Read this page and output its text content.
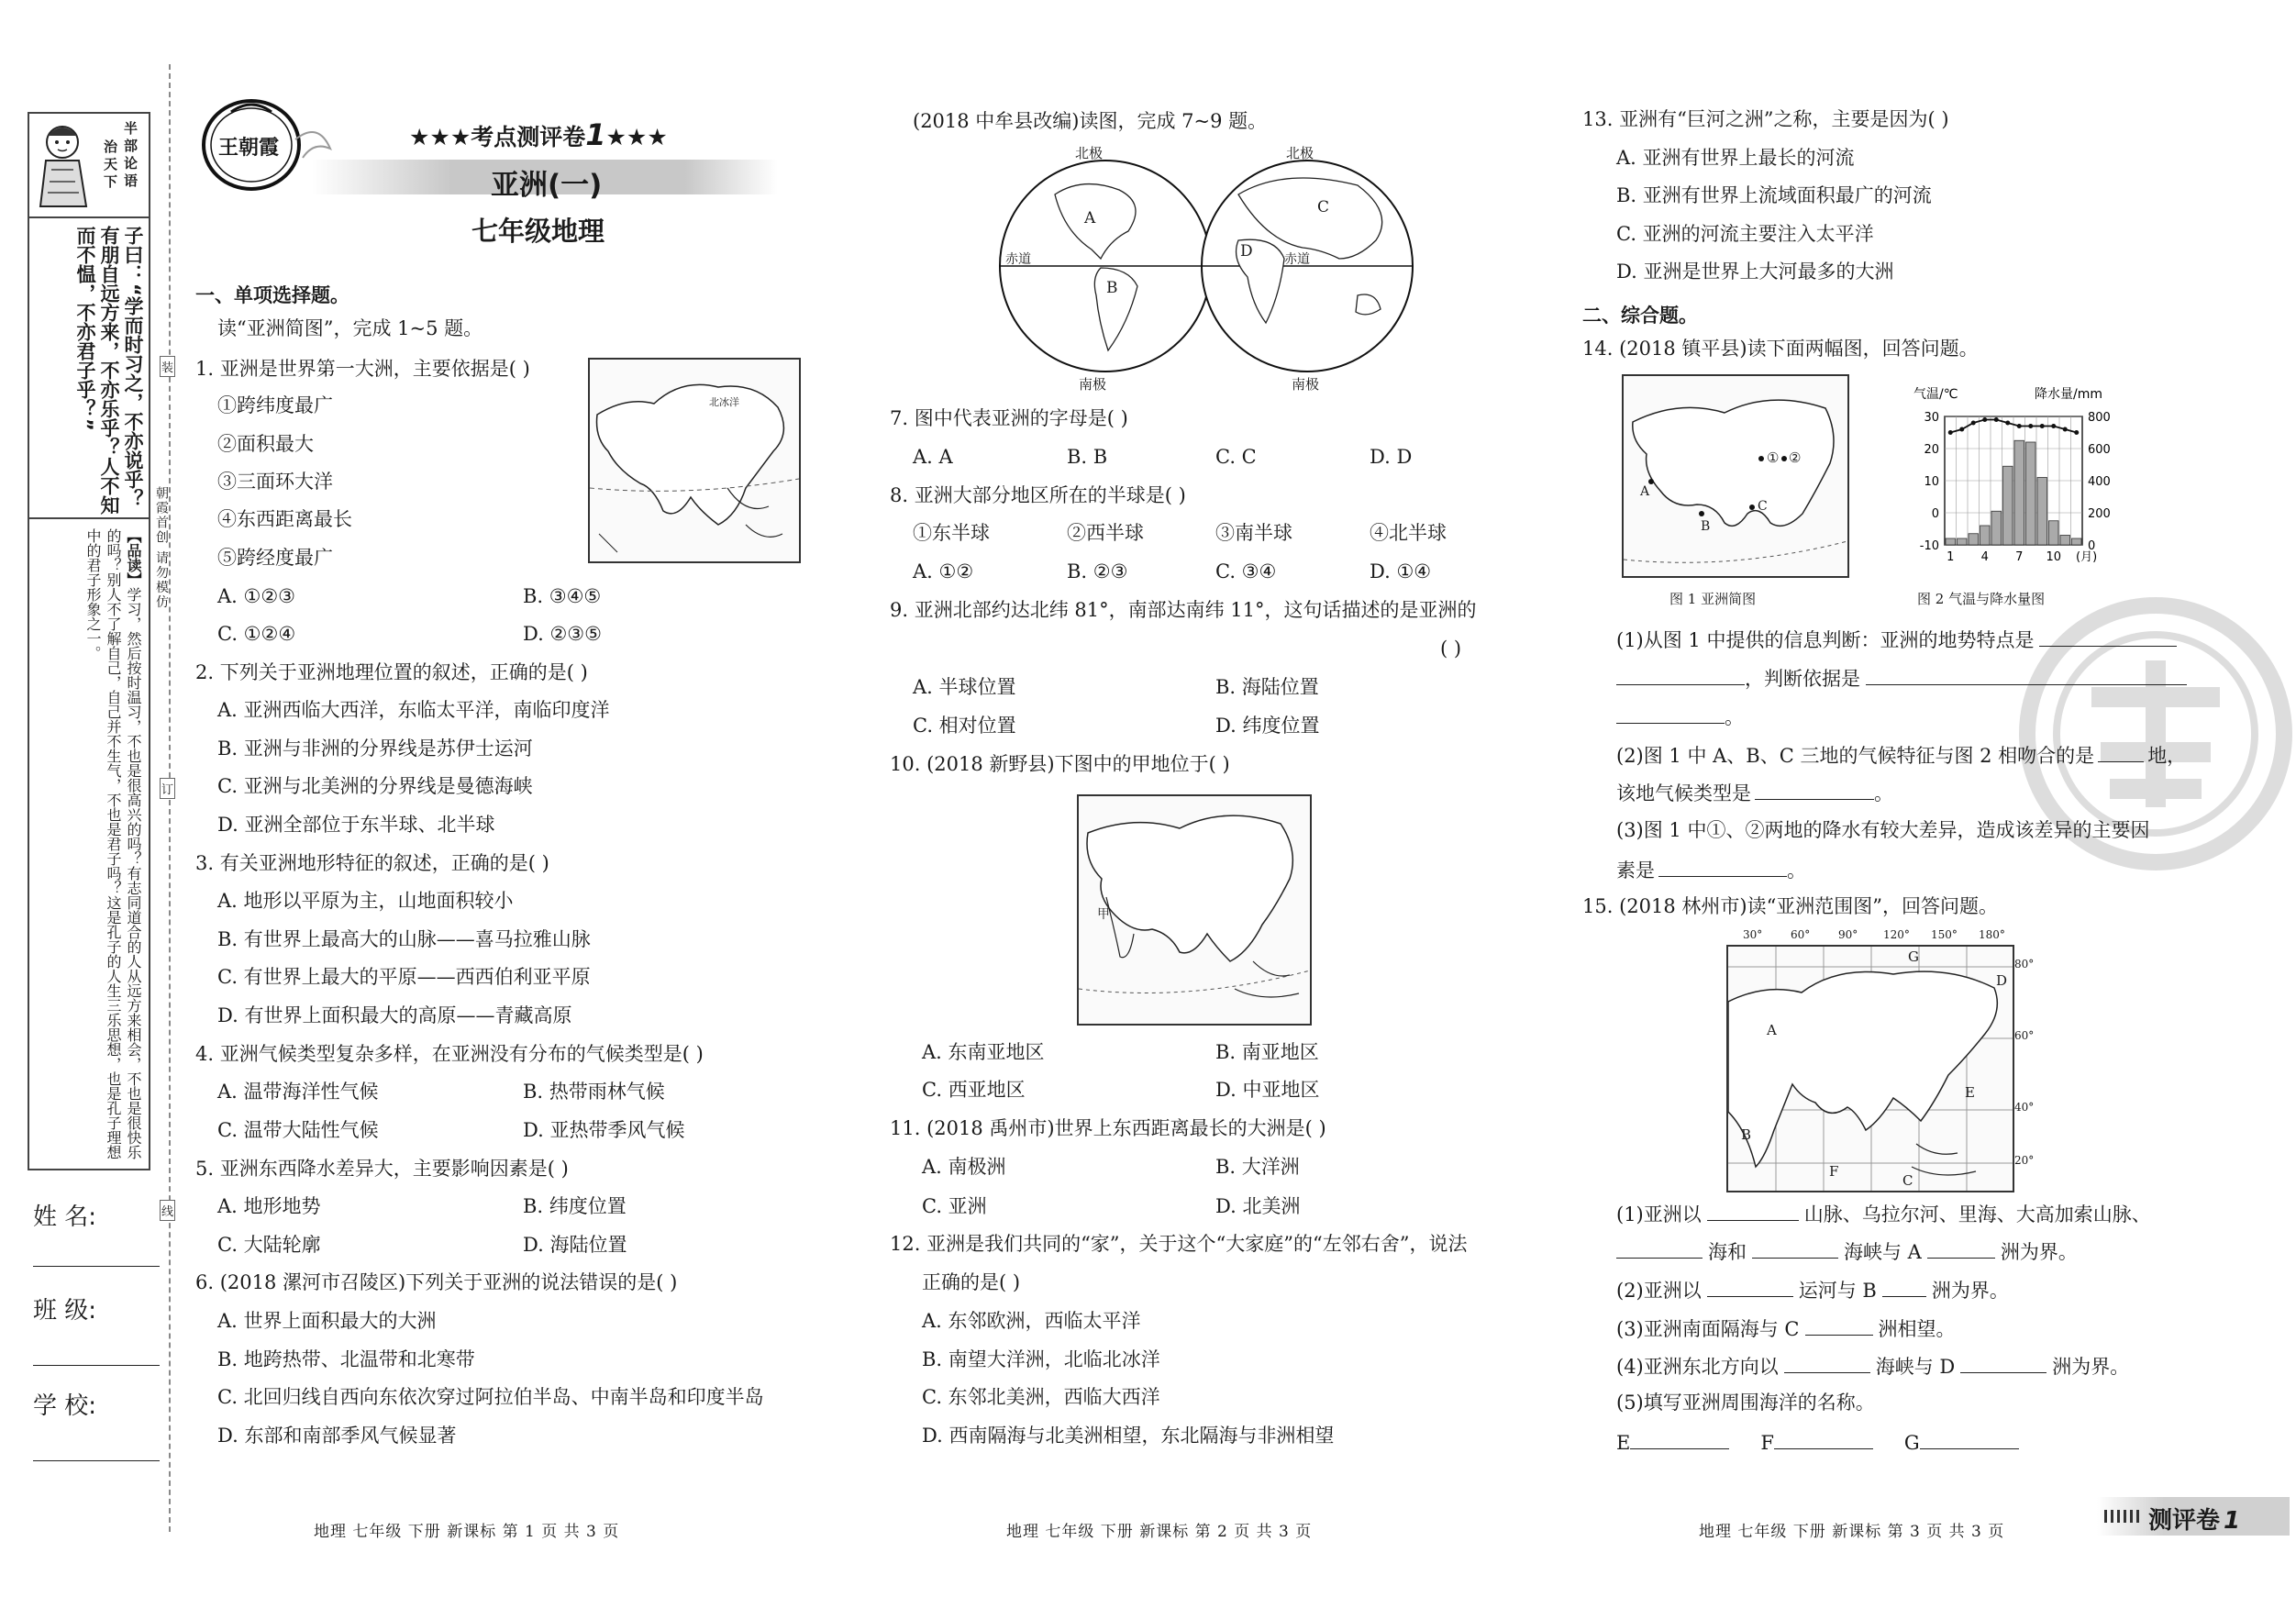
半部论语
治天下
子曰：“学而时习之，不亦说乎？有朋自远方来，不亦乐乎？人不知而不愠，不亦君子乎？”
【品读】学习，然后按时温习，不也是很高兴的吗？有志同道合的人从远方来相会，不也是很快乐的吗？别人不了解自己，自己并不生气，不也是君子吗？这是孔子的人生三乐思想，也是孔子理想中的君子形象之一。	朝霞首创 请勿模仿
姓 名:
班 级:
学 校:
装
订
线
王朝霞	★★★考点测评卷1★★★
亚洲(一)
七年级地理
一、单项选择题。
读“亚洲简图”，完成 1~5 题。
北冰洋
1. 亚洲是世界第一大洲，主要依据是( )
①跨纬度最广
②面积最大
③三面环大洋
④东西距离最长
⑤跨经度最广
A. ①②③	B. ③④⑤
C. ①②④	D. ②③⑤
2. 下列关于亚洲地理位置的叙述，正确的是( )
A. 亚洲西临大西洋，东临太平洋，南临印度洋
B. 亚洲与非洲的分界线是苏伊士运河
C. 亚洲与北美洲的分界线是曼德海峡
D. 亚洲全部位于东半球、北半球
3. 有关亚洲地形特征的叙述，正确的是( )
A. 地形以平原为主，山地面积较小
B. 有世界上最高大的山脉——喜马拉雅山脉
C. 有世界上最大的平原——西西伯利亚平原
D. 有世界上面积最大的高原——青藏高原
4. 亚洲气候类型复杂多样，在亚洲没有分布的气候类型是( )
A. 温带海洋性气候	B. 热带雨林气候
C. 温带大陆性气候	D. 亚热带季风气候
5. 亚洲东西降水差异大，主要影响因素是( )
A. 地形地势	B. 纬度位置
C. 大陆轮廓	D. 海陆位置
6. (2018 漯河市召陵区)下列关于亚洲的说法错误的是( )
A. 世界上面积最大的大洲
B. 地跨热带、北温带和北寒带
C. 北回归线自西向东依次穿过阿拉伯半岛、中南半岛和印度半岛
D. 东部和南部季风气候显著
(2018 中牟县改编)读图，完成 7~9 题。
北极	北极
南极	南极
赤道	赤道
A
B
C
D
7. 图中代表亚洲的字母是( )
A. A	B. B	C. C	D. D
8. 亚洲大部分地区所在的半球是( )
①东半球	②西半球	③南半球	④北半球
A. ①②	B. ②③	C. ③④	D. ①④
9. 亚洲北部约达北纬 81°，南部达南纬 11°，这句话描述的是亚洲的
( )
A. 半球位置	B. 海陆位置
C. 相对位置	D. 纬度位置
10. (2018 新野县)下图中的甲地位于( )
甲
A. 东南亚地区	B. 南亚地区
C. 西亚地区	D. 中亚地区
11. (2018 禹州市)世界上东西距离最长的大洲是( )
A. 南极洲	B. 大洋洲
C. 亚洲	D. 北美洲
12. 亚洲是我们共同的“家”，关于这个“大家庭”的“左邻右舍”，说法
正确的是( )
A. 东邻欧洲，西临太平洋
B. 南望大洋洲，北临北冰洋
C. 东邻北美洲，西临大西洋
D. 西南隔海与北美洲相望，东北隔海与非洲相望
13. 亚洲有“巨河之洲”之称，主要是因为( )
A. 亚洲有世界上最长的河流
B. 亚洲有世界上流域面积最广的河流
C. 亚洲的河流主要注入太平洋
D. 亚洲是世界上大河最多的大洲
二、综合题。
14. (2018 镇平县)读下面两幅图，回答问题。
A
B
C
① ②
图 1 亚洲简图
气温/℃	降水量/mm
30
20
10
0
-10
800
600
400
200
0
1 4 7 10 (月)
图 2 气温与降水量图
(1)从图 1 中提供的信息判断：亚洲的地势特点是
，判断依据是
。
(2)图 1 中 A、B、C 三地的气候特征与图 2 相吻合的是	地，
该地气候类型是	。
(3)图 1 中①、②两地的降水有较大差异，造成该差异的主要因
素是	。
15. (2018 林州市)读“亚洲范围图”，回答问题。
A
B
C
D
E
F
G
30°	60°	90° 120° 150° 180°
80°
60°
40°
20°
(1)亚洲以	山脉、乌拉尔河、里海、大高加索山脉、
海和	海峡与 A	洲为界。
(2)亚洲以	运河与 B	洲为界。
(3)亚洲南面隔海与 C	洲相望。
(4)亚洲东北方向以	海峡与 D	洲为界。
(5)填写亚洲周围海洋的名称。
E	F	G
地理 七年级 下册 新课标 第 1 页 共 3 页	地理 七年级 下册 新课标 第 2 页 共 3 页	地理 七年级 下册 新课标 第 3 页 共 3 页	测评卷 1
